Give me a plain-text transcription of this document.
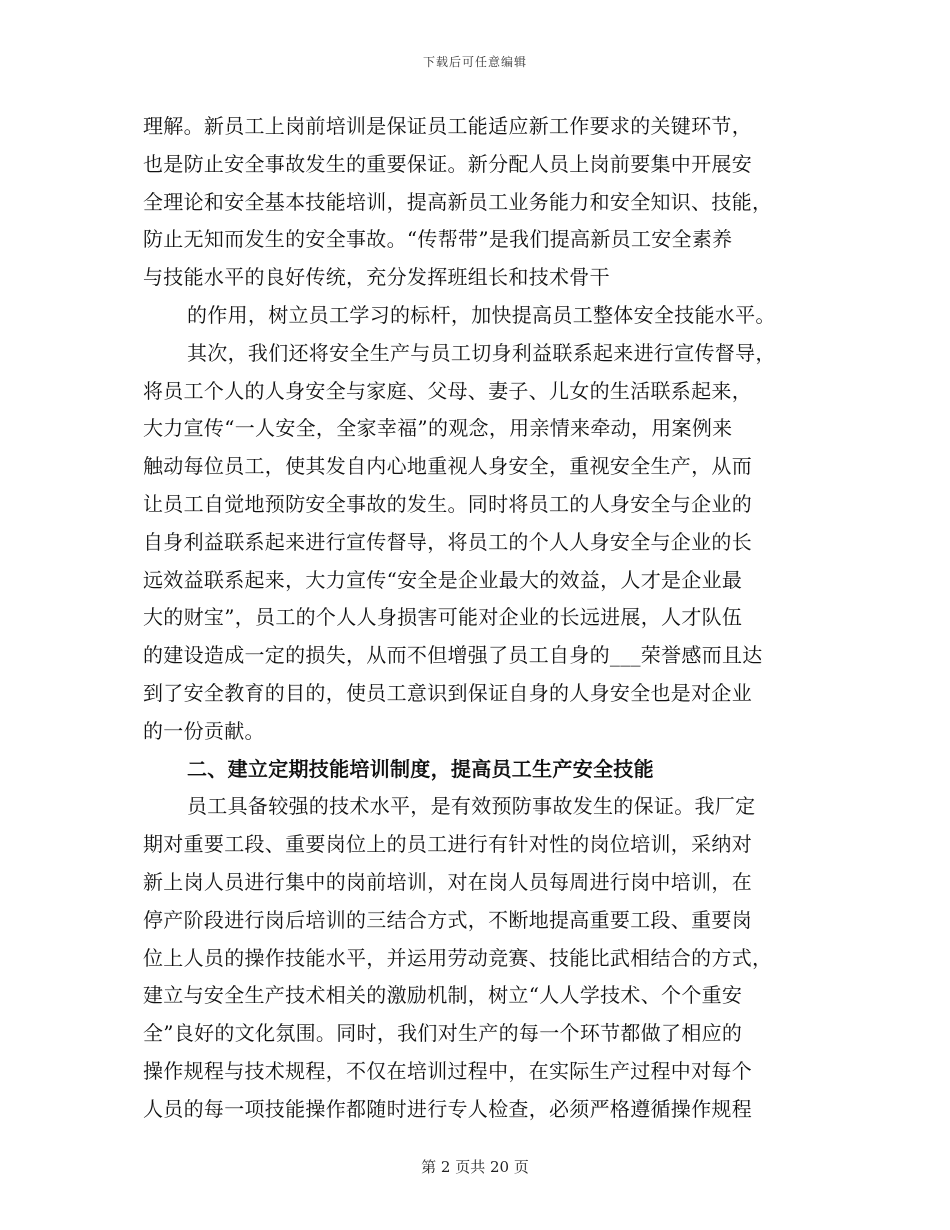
下载后可任意编辑
理解。新员工上岗前培训是保证员工能适应新工作要求的关键环节，
也是防止安全事故发生的重要保证。新分配人员上岗前要集中开展安
全理论和安全基本技能培训，提高新员工业务能力和安全知识、技能，
防止无知而发生的安全事故。“传帮带”是我们提高新员工安全素养
与技能水平的良好传统，充分发挥班组长和技术骨干
的作用，树立员工学习的标杆，加快提高员工整体安全技能水平。
其次，我们还将安全生产与员工切身利益联系起来进行宣传督导，
将员工个人的人身安全与家庭、父母、妻子、儿女的生活联系起来，
大力宣传“一人安全，全家幸福”的观念，用亲情来牵动，用案例来
触动每位员工，使其发自内心地重视人身安全，重视安全生产，从而
让员工自觉地预防安全事故的发生。同时将员工的人身安全与企业的
自身利益联系起来进行宣传督导，将员工的个人人身安全与企业的长
远效益联系起来，大力宣传“安全是企业最大的效益，人才是企业最
大的财宝”，员工的个人人身损害可能对企业的长远进展，人才队伍
的建设造成一定的损失，从而不但增强了员工自身的___荣誉感而且达
到了安全教育的目的，使员工意识到保证自身的人身安全也是对企业
的一份贡献。
二、建立定期技能培训制度，提高员工生产安全技能
员工具备较强的技术水平，是有效预防事故发生的保证。我厂定
期对重要工段、重要岗位上的员工进行有针对性的岗位培训，采纳对
新上岗人员进行集中的岗前培训，对在岗人员每周进行岗中培训，在
停产阶段进行岗后培训的三结合方式，不断地提高重要工段、重要岗
位上人员的操作技能水平，并运用劳动竞赛、技能比武相结合的方式，
建立与安全生产技术相关的激励机制，树立“人人学技术、个个重安
全”良好的文化氛围。同时，我们对生产的每一个环节都做了相应的
操作规程与技术规程，不仅在培训过程中，在实际生产过程中对每个
人员的每一项技能操作都随时进行专人检查，必须严格遵循操作规程
第 2 页共 20 页
